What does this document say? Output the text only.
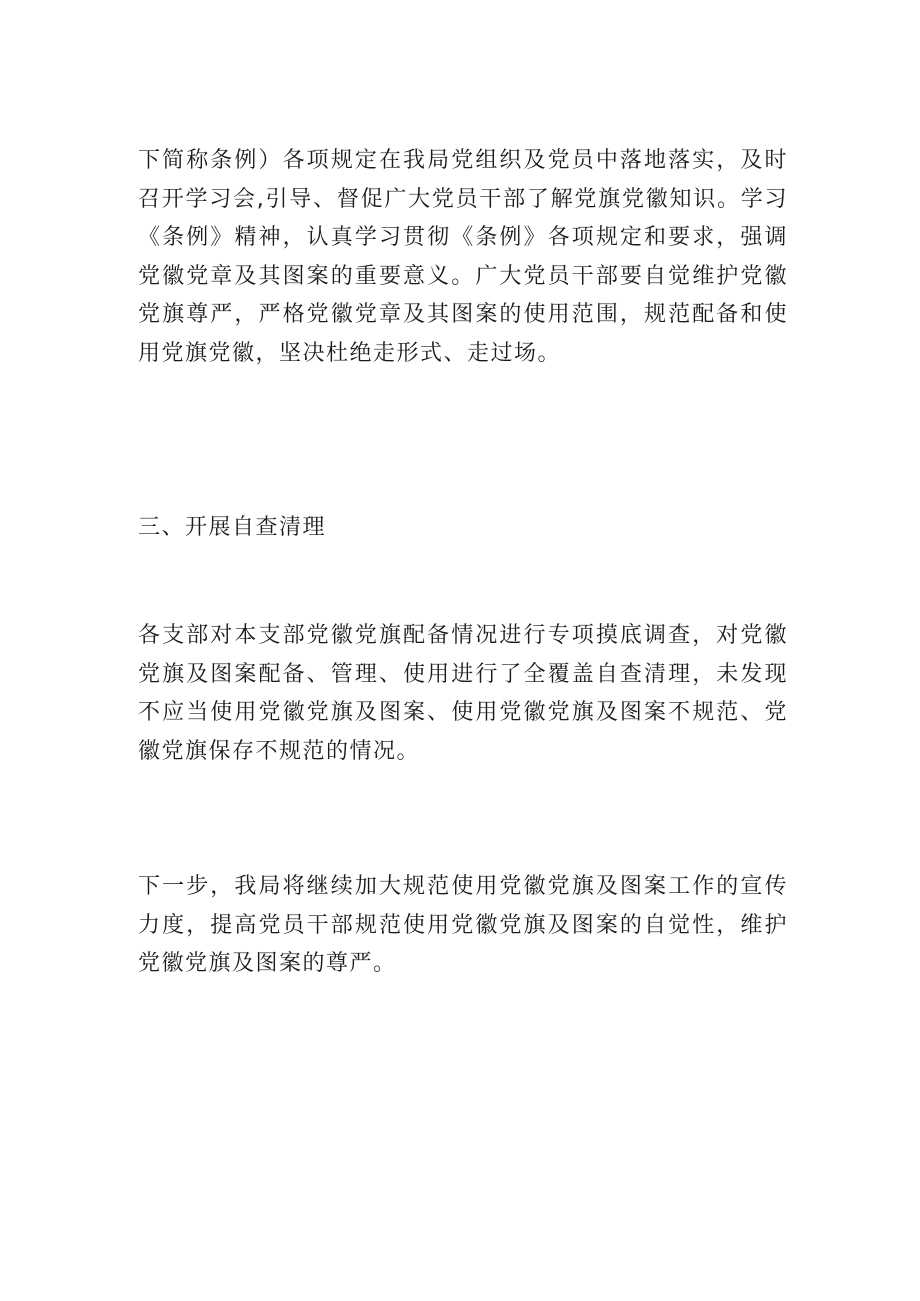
下简称条例）各项规定在我局党组织及党员中落地落实，及时召开学习会,引导、督促广大党员干部了解党旗党徽知识。学习《条例》精神，认真学习贯彻《条例》各项规定和要求，强调党徽党章及其图案的重要意义。广大党员干部要自觉维护党徽党旗尊严，严格党徽党章及其图案的使用范围，规范配备和使用党旗党徽，坚决杜绝走形式、走过场。

三、开展自查清理

各支部对本支部党徽党旗配备情况进行专项摸底调查，对党徽党旗及图案配备、管理、使用进行了全覆盖自查清理，未发现不应当使用党徽党旗及图案、使用党徽党旗及图案不规范、党徽党旗保存不规范的情况。

下一步，我局将继续加大规范使用党徽党旗及图案工作的宣传力度，提高党员干部规范使用党徽党旗及图案的自觉性，维护党徽党旗及图案的尊严。
